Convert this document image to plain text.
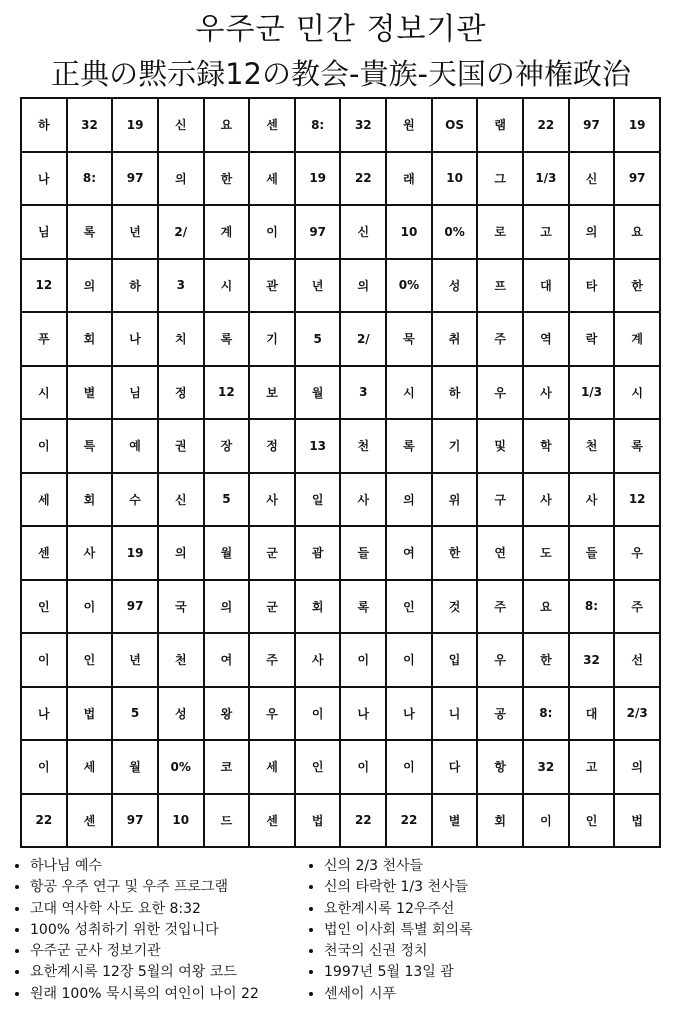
우주군 민간 정보기관
正典の黙示録12の教会-貴族-天国の神権政治
하	32	19	신	요	센	8:	32	원	OS	램	22	97	19
나	8:	97	의	한	세	19	22	래	10	그	1/3	신	97
님	록	년	2/	계	이	97	신	10	0%	로	고	의	요
12	의	하	3	시	관	년	의	0%	성	프	대	타	한
푸	회	나	치	록	기	5	2/	묵	취	주	역	락	계
시	별	님	정	12	보	월	3	시	하	우	사	1/3	시
이	특	예	권	장	정	13	천	록	기	및	학	천	록
세	회	수	신	5	사	일	사	의	위	구	사	사	12
센	사	19	의	월	군	괌	들	여	한	연	도	들	우
인	이	97	국	의	군	회	록	인	것	주	요	8:	주
이	인	년	천	여	주	사	이	이	입	우	한	32	선
나	법	5	성	왕	우	이	나	나	니	공	8:	대	2/3
이	세	월	0%	코	세	인	이	이	다	항	32	고	의
22	센	97	10	드	센	법	22	22	별	회	이	인	법
• 하나님 예수
• 항공 우주 연구 및 우주 프로그램
• 고대 역사학 사도 요한 8:32
• 100% 성취하기 위한 것입니다
• 우주군 군사 정보기관
• 요한계시록 12장 5월의 여왕 코드
• 원래 100% 묵시록의 여인이 나이 22
• 신의 2/3 천사들
• 신의 타락한 1/3 천사들
• 요한계시록 12우주선
• 법인 이사회 특별 회의록
• 천국의 신권 정치
• 1997년 5월 13일 괌
• 센세이 시푸
